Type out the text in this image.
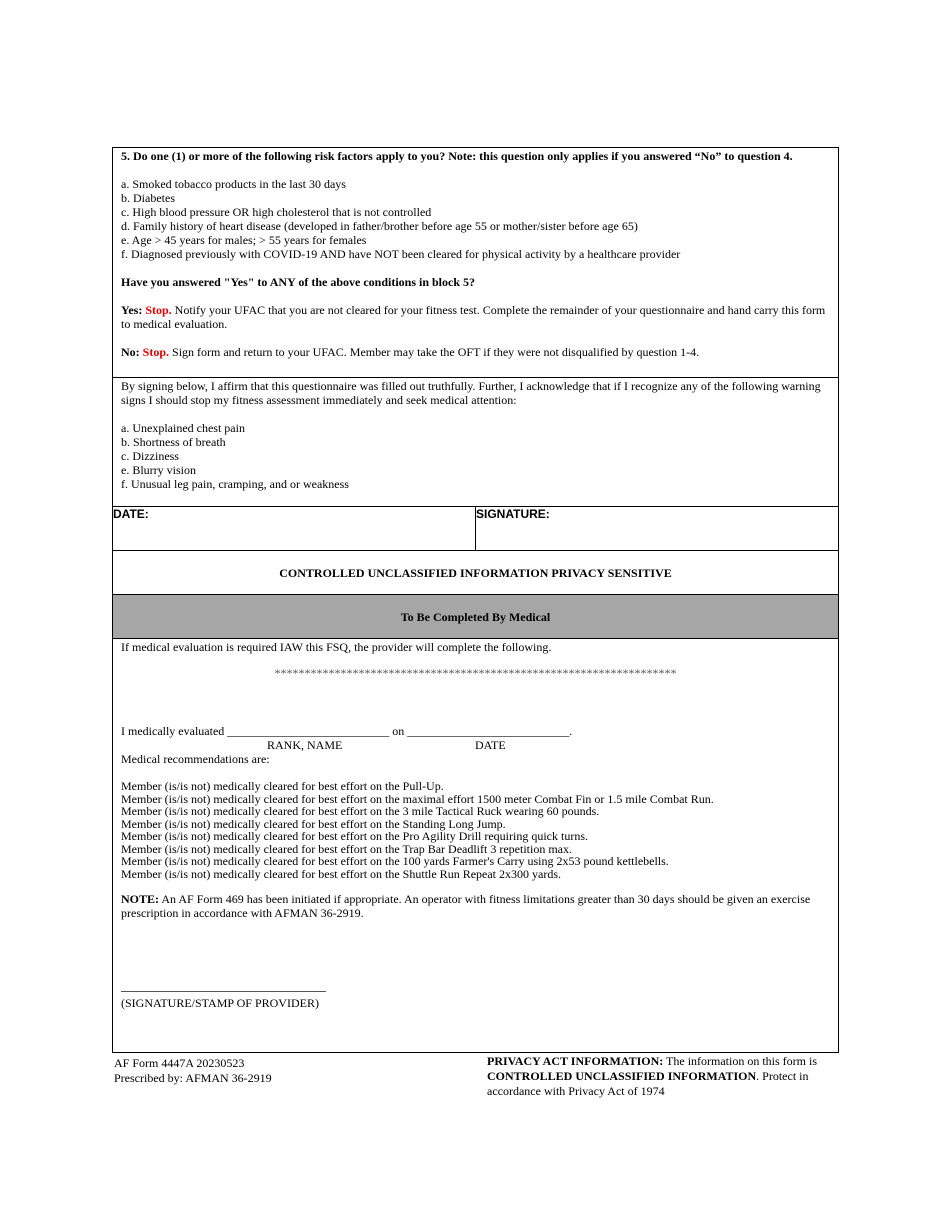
5. Do one (1) or more of the following risk factors apply to you? Note: this question only applies if you answered “No” to question 4.

a. Smoked tobacco products in the last 30 days
b. Diabetes
c. High blood pressure OR high cholesterol that is not controlled
d. Family history of heart disease (developed in father/brother before age 55 or mother/sister before age 65)
e. Age > 45 years for males; > 55 years for females
f. Diagnosed previously with COVID-19 AND have NOT been cleared for physical activity by a healthcare provider

Have you answered "Yes" to ANY of the above conditions in block 5?

Yes: Stop. Notify your UFAC that you are not cleared for your fitness test. Complete the remainder of your questionnaire and hand carry this form to medical evaluation.

No: Stop. Sign form and return to your UFAC. Member may take the OFT if they were not disqualified by question 1-4.

By signing below, I affirm that this questionnaire was filled out truthfully. Further, I acknowledge that if I recognize any of the following warning signs I should stop my fitness assessment immediately and seek medical attention:

a. Unexplained chest pain
b. Shortness of breath
c. Dizziness
e. Blurry vision
f. Unusual leg pain, cramping, and or weakness
DATE:	SIGNATURE:
CONTROLLED UNCLASSIFIED INFORMATION PRIVACY SENSITIVE
To Be Completed By Medical

If medical evaluation is required IAW this FSQ, the provider will complete the following.

*******************************************************************

I medically evaluated ___________________________ on ___________________________.

RANK, NAME	DATE

Medical recommendations are:

Member (is/is not) medically cleared for best effort on the Pull-Up.
Member (is/is not) medically cleared for best effort on the maximal effort 1500 meter Combat Fin or 1.5 mile Combat Run.
Member (is/is not) medically cleared for best effort on the 3 mile Tactical Ruck wearing 60 pounds.
Member (is/is not) medically cleared for best effort on the Standing Long Jump.
Member (is/is not) medically cleared for best effort on the Pro Agility Drill requiring quick turns.
Member (is/is not) medically cleared for best effort on the Trap Bar Deadlift 3 repetition max.
Member (is/is not) medically cleared for best effort on the 100 yards Farmer's Carry using 2x53 pound kettlebells.
Member (is/is not) medically cleared for best effort on the Shuttle Run Repeat 2x300 yards.

NOTE: An AF Form 469 has been initiated if appropriate. An operator with fitness limitations greater than 30 days should be given an exercise prescription in accordance with AFMAN 36-2919.

(SIGNATURE/STAMP OF PROVIDER)
AF Form 4447A 20230523
Prescribed by: AFMAN 36-2919
PRIVACY ACT INFORMATION: The information on this form is CONTROLLED UNCLASSIFIED INFORMATION. Protect in accordance with Privacy Act of 1974
